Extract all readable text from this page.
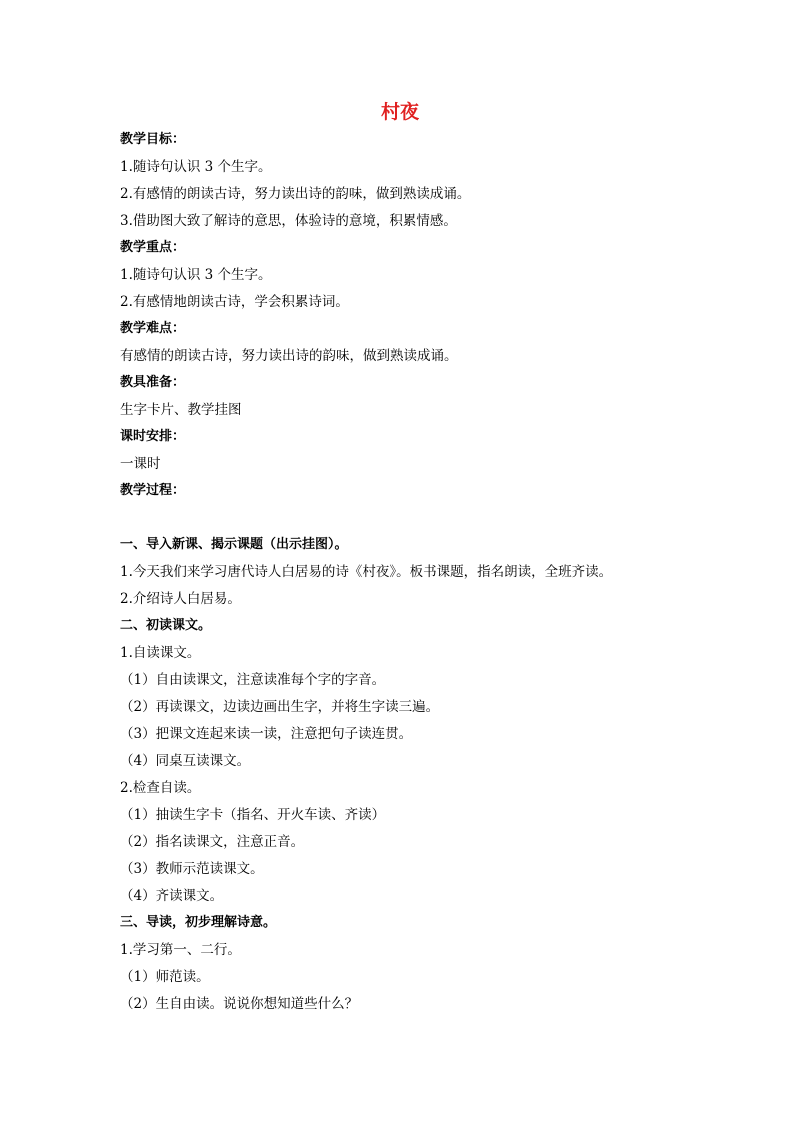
村夜
教学目标：
1.随诗句认识 3 个生字。
2.有感情的朗读古诗，努力读出诗的韵味，做到熟读成诵。
3.借助图大致了解诗的意思，体验诗的意境，积累情感。
教学重点：
1.随诗句认识 3 个生字。
2.有感情地朗读古诗，学会积累诗词。
教学难点：
有感情的朗读古诗，努力读出诗的韵味，做到熟读成诵。
教具准备：
生字卡片、教学挂图
课时安排：
一课时
教学过程：
一、导入新课、揭示课题（出示挂图）。
1.今天我们来学习唐代诗人白居易的诗《村夜》。板书课题，指名朗读，全班齐读。
2.介绍诗人白居易。
二、初读课文。
1.自读课文。
（1）自由读课文，注意读准每个字的字音。
（2）再读课文，边读边画出生字，并将生字读三遍。
（3）把课文连起来读一读，注意把句子读连贯。
（4）同桌互读课文。
2.检查自读。
（1）抽读生字卡（指名、开火车读、齐读）
（2）指名读课文，注意正音。
（3）教师示范读课文。
（4）齐读课文。
三、导读，初步理解诗意。
1.学习第一、二行。
（1）师范读。
（2）生自由读。说说你想知道些什么？
